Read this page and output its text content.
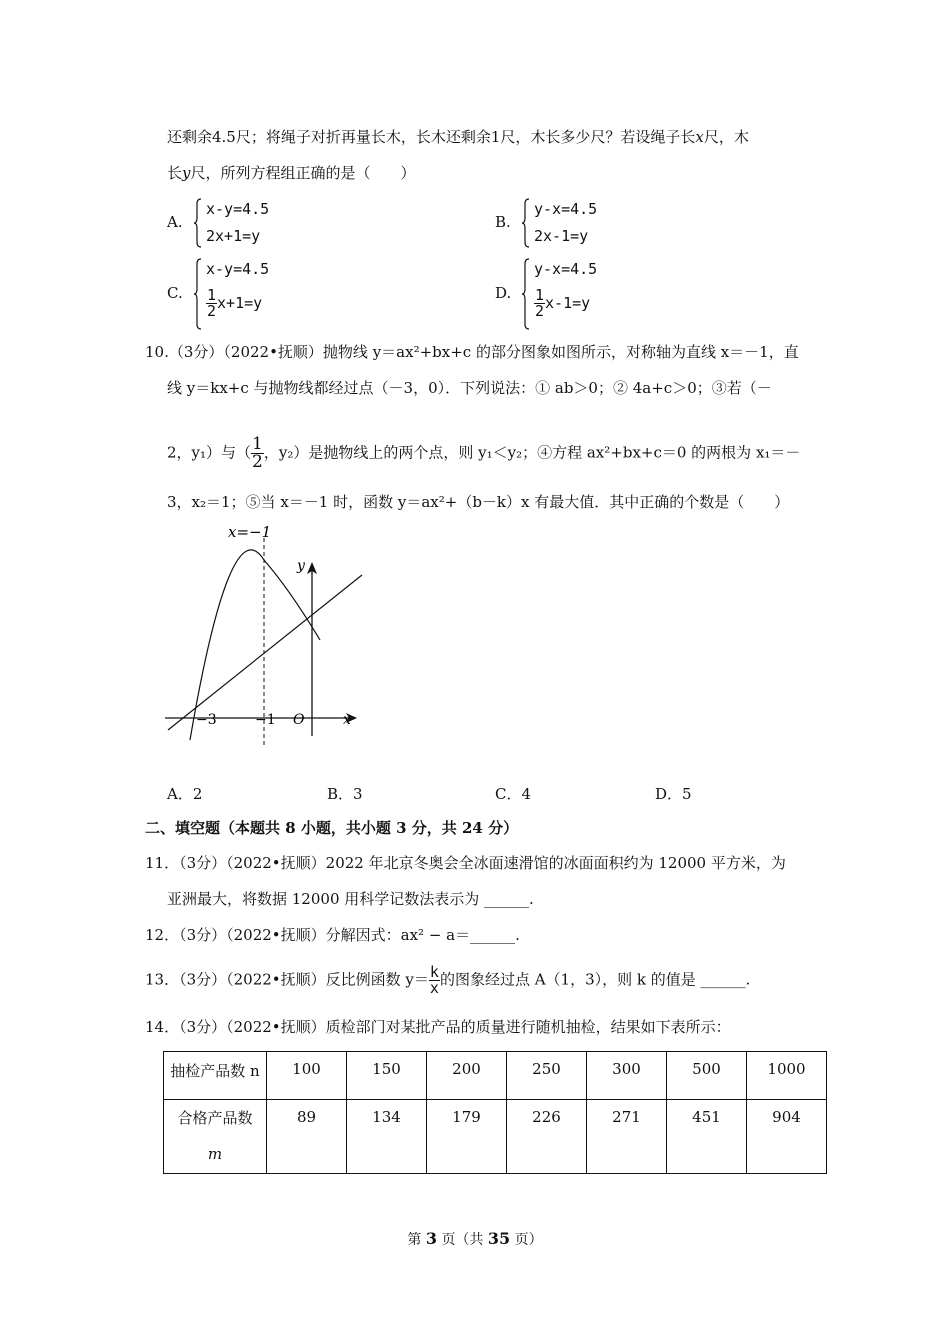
还剩余4.5尺；将绳子对折再量长木，长木还剩余1尺，木长多少尺？若设绳子长x尺，木
长y尺，所列方程组正确的是（　　）
A.
x-y=4.5
2x+1=y
B.
y-x=4.5
2x-1=y
C.
x-y=4.5
$\frac{1}{2} x+1=y$
D.
y-x=4.5
$\frac{1}{2} x-1=y$
10.（3分）（2022•抚顺）抛物线 y＝ax²+bx+c 的部分图象如图所示，对称轴为直线 x＝－1，直
线 y＝kx+c 与抛物线都经过点（－3，0）．下列说法：① ab＞0；② 4a+c＞0；③若（－
2，y₁）与（ $\frac{1}{2}$ ，y₂）是抛物线上的两个点，则 y₁＜y₂；④方程 ax²+bx+c＝0 的两根为 x₁＝－
3，x₂＝1；⑤当 x＝－1 时，函数 y＝ax²+（b－k）x 有最大值．其中正确的个数是（　　）
x=−1
y
x
O
−3	−1
A．2	B．3	C．4	D．5
二、填空题（本题共 8 小题，共小题 3 分，共 24 分）
11．（3分）（2022•抚顺）2022 年北京冬奥会全冰面速滑馆的冰面面积约为 12000 平方米，为
亚洲最大，将数据 12000 用科学记数法表示为 ______.
12．（3分）（2022•抚顺）分解因式：ax² − a＝______.
13．（3分）（2022•抚顺）反比例函数 $y= \frac{k}{x}$ 的图象经过点 A（1，3），则 k 的值是 ______.
14．（3分）（2022•抚顺）质检部门对某批产品的质量进行随机抽检，结果如下表所示：
抽检产品数 n	100	150	200	250	300	500	1000

合格产品数
m	89	134	179	226	271	451	904
第 3 页（共 35 页）
